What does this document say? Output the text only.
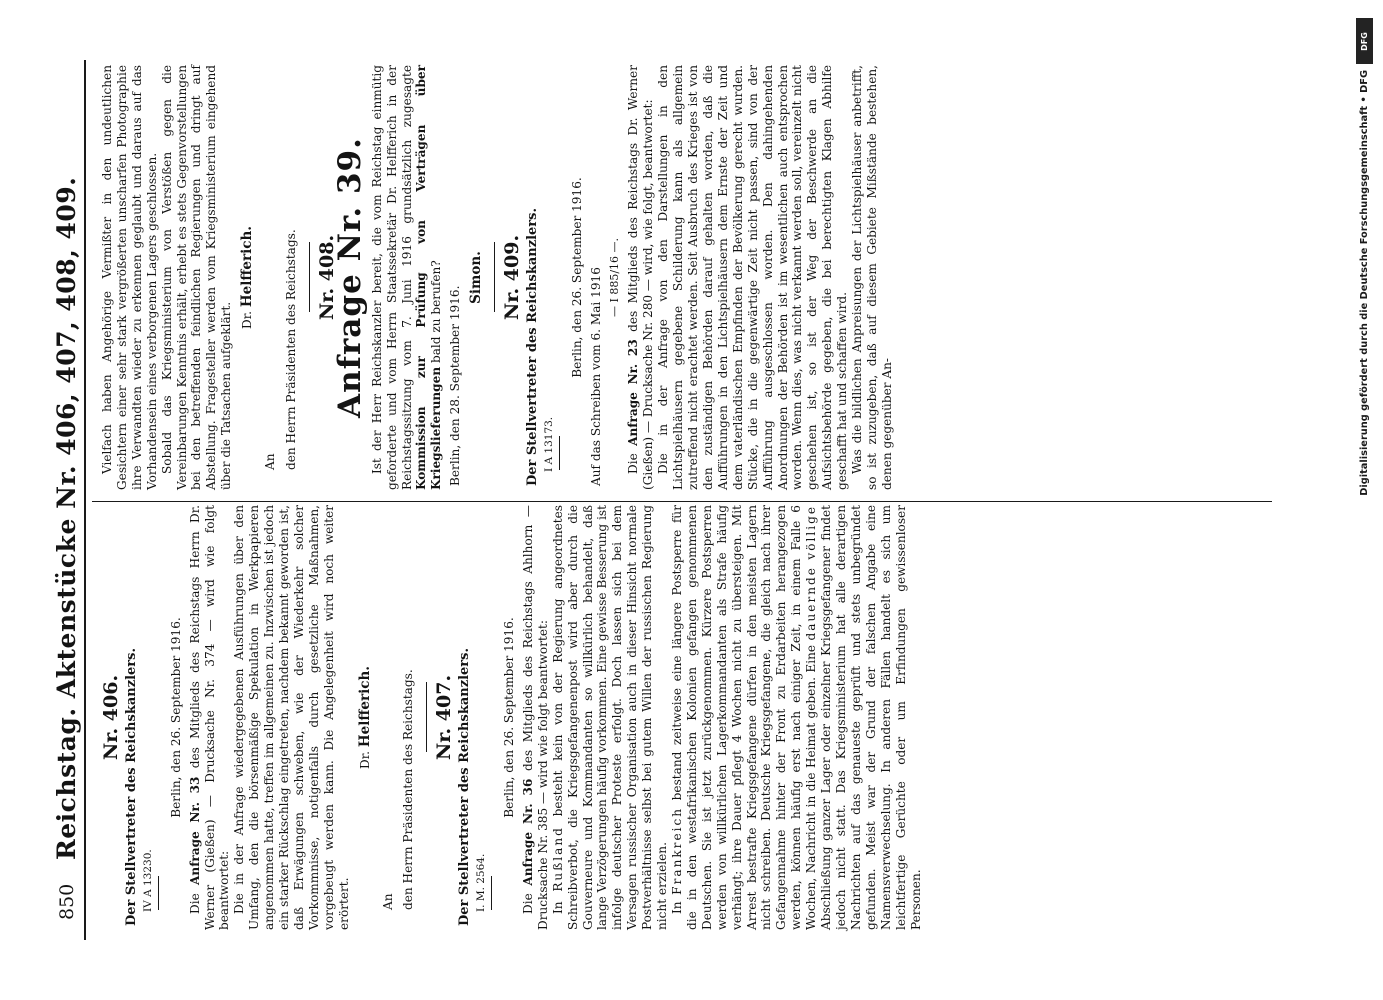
850
Reichstag. Aktenstücke Nr. 406, 407, 408, 409. Nr. 406. Der Stellvertreter des Reichskanzlers. IV A 13230.
Berlin, den 26. September 1916.

Die Anfrage Nr. 33 des Mitglieds des Reichstags Herrn Dr. Werner (Gießen) — Drucksache Nr. 374 — wird wie folgt beantwortet: Die in der Anfrage wiedergegebenen Ausführungen über den Umfang, den die börsenmäßige Spekulation in Werkpapieren angenommen hatte, treffen im allgemeinen zu. Inzwischen ist jedoch ein starker Rückschlag eingetreten, nachdem bekannt geworden ist, daß Erwägungen schweben, wie der Wiederkehr solcher Vorkommnisse, notigenfalls durch gesetzliche Maßnahmen, vorgebeugt werden kann. Die Angelegenheit wird noch weiter erörtert.

Dr. Helfferich.
An den Herrn Präsidenten des Reichstags. Nr. 407. Der Stellvertreter des Reichskanzlers. I. M. 2564.
Berlin, den 26. September 1916.

Die Anfrage Nr. 36 des Mitglieds des Reichstags Ahlhorn — Drucksache Nr. 385 — wird wie folgt beantwortet: In Rußland besteht kein von der Regierung angeordnetes Schreibverbot, die Kriegsgefangenenpost wird aber durch die Gouverneure und Kommandanten so willkürlich behandelt, daß lange Verzögerungen häufig vorkommen. Eine gewisse Besserung ist infolge deutscher Proteste erfolgt. Doch lassen sich bei dem Versagen russischer Organisation auch in dieser Hinsicht normale Postverhältnisse selbst bei gutem Willen der russischen Regierung nicht erzielen. In Frankreich bestand zeitweise eine längere Postsperre für die in den westafrikanischen Kolonien gefangen genommenen Deutschen. Sie ist jetzt zurückgenommen. Kürzere Postsperren werden von willkürlichen Lagerkommandanten als Strafe häufig verhängt; ihre Dauer pflegt 4 Wochen nicht zu übersteigen. Mit Arrest bestrafte Kriegsgefangene dürfen in den meisten Lagern nicht schreiben. Deutsche Kriegsgefangene, die gleich nach ihrer Gefangennahme hinter der Front zu Erdarbeiten herangezogen werden, können häufig erst nach einiger Zeit, in einem Falle 6 Wochen, Nachricht in die Heimat geben. Eine dauernde völlige Abschließung ganzer Lager oder einzelner Kriegsgefangener findet jedoch nicht statt. Das Kriegsministerium hat alle derartigen Nachrichten auf das genaueste geprüft und stets unbegründet gefunden. Meist war der Grund der falschen Angabe eine Namensverwechselung. In anderen Fällen handelt es sich um leichtfertige Gerüchte oder um Erfindungen gewissenloser Personen.

Vielfach haben Angehörige Vermißter in den undeutlichen Gesichtern einer sehr stark vergrößerten unscharfen Photographie ihre Verwandten wieder zu erkennen geglaubt und daraus auf das Vorhandensein eines verborgenen Lagers geschlossen. Sobald das Kriegsministerium von Verstößen gegen die Vereinbarungen Kenntnis erhält, erhebt es stets Gegenvorstellungen bei den betreffenden feindlichen Regierungen und dringt auf Abstellung. Fragesteller werden vom Kriegsministerium eingehend über die Tatsachen aufgeklärt. Dr. Helfferich.
An den Herrn Präsidenten des Reichstags. Nr. 408.
Anfrage Nr. 39. Ist der Herr Reichskanzler bereit, die vom Reichstag einmütig geforderte und vom Herrn Staatssekretär Dr. Helfferich in der Reichstagssitzung vom 7. Juni 1916 grundsätzlich zugesagte Kommission zur Prüfung von Verträgen über Kriegslieferungen bald zu berufen? Berlin, den 28. September 1916.
Simon. Nr. 409. Der Stellvertreter des Reichskanzlers. I A 13173.
Berlin, den 26. September 1916. Auf das Schreiben vom 6. Mai 1916 — I 885/16 —.

Die Anfrage Nr. 23 des Mitglieds des Reichstags Dr. Werner (Gießen) — Drucksache Nr. 280 — wird, wie folgt, beantwortet: Die in der Anfrage von den Darstellungen in den Lichtspielhäusern gegebene Schilderung kann als allgemein zutreffend nicht erachtet werden. Seit Ausbruch des Krieges ist von den zuständigen Behörden darauf gehalten worden, daß die Aufführungen in den Lichtspielhäusern dem Ernste der Zeit und dem vaterländischen Empfinden der Bevölkerung gerecht wurden. Stücke, die in die gegenwärtige Zeit nicht passen, sind von der Aufführung ausgeschlossen worden. Den dahingehenden Anordnungen der Behörden ist im wesentlichen auch entsprochen worden. Wenn dies, was nicht verkannt werden soll, vereinzelt nicht geschehen ist, so ist der Weg der Beschwerde an die Aufsichtsbehörde gegeben, die bei berechtigten Klagen Abhilfe geschafft hat und schaffen wird. Was die bildlichen Anpreisungen der Lichtspielhäuser anbetrifft, so ist zuzugeben, daß auf diesem Gebiete Mißstände bestehen, denen gegenüber An-

DFG
Digitalisierung gefördert durch die Deutsche Forschungsgemeinschaft • DFG
